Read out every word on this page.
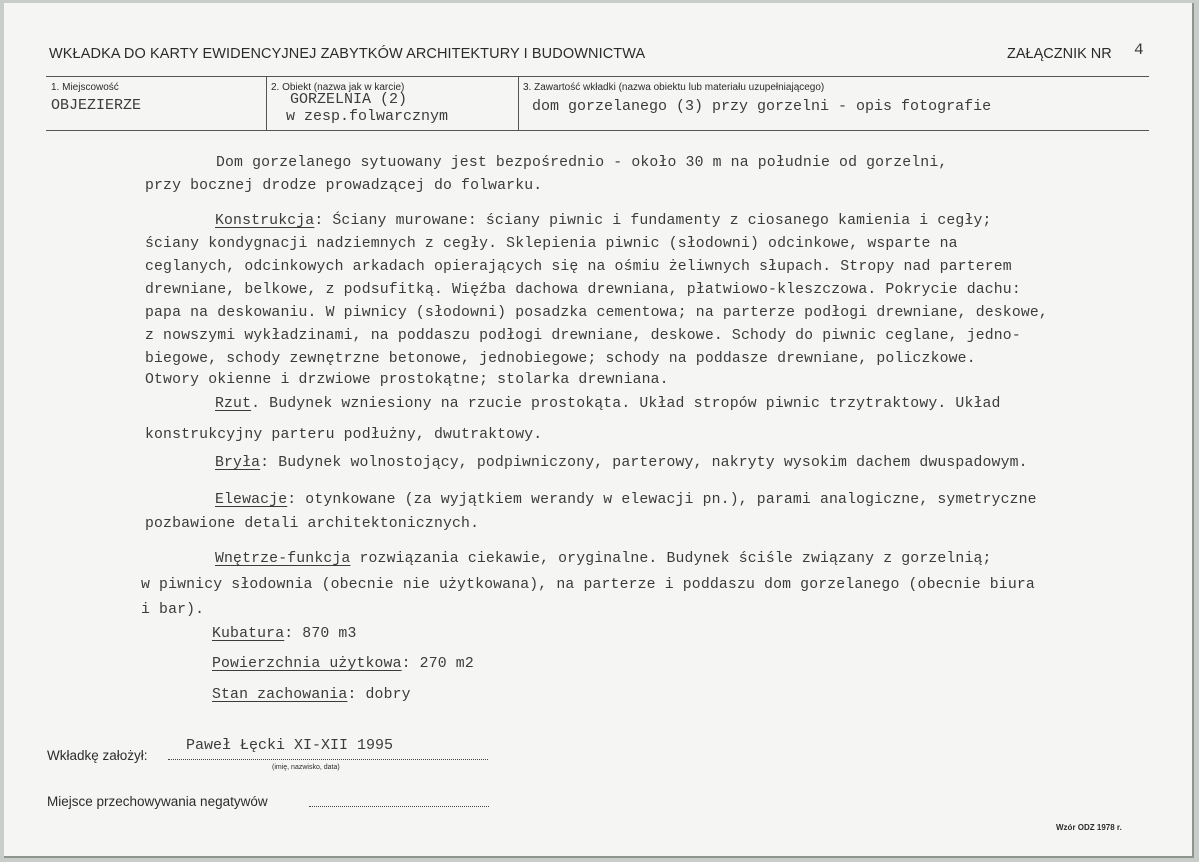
WKŁADKA DO KARTY EWIDENCYJNEJ ZABYTKÓW ARCHITEKTURY I BUDOWNICTWA	ZAŁĄCZNIK NR 4
1. Miejscowość
OBJEZIERZE
2. Obiekt (nazwa jak w karcie)
GORZELNIA (2)
w zesp.folwarcznym
3. Zawartość wkładki (nazwa obiektu lub materiału uzupełniającego)
dom gorzelanego (3) przy gorzelni - opis fotografie
Dom gorzelanego sytuowany jest bezpośrednio - około 30 m na południe od gorzelni,
przy bocznej drodze prowadzącej do folwarku.
Konstrukcja: Ściany murowane: ściany piwnic i fundamenty z ciosanego kamienia i cegły;
ściany kondygnacji nadziemnych z cegły. Sklepienia piwnic (słodowni) odcinkowe, wsparte na
ceglanych, odcinkowych arkadach opierających się na ośmiu żeliwnych słupach. Stropy nad parterem
drewniane, belkowe, z podsufitką. Więźba dachowa drewniana, płatwiowo-kleszczowa. Pokrycie dachu:
papa na deskowaniu. W piwnicy (słodowni) posadzka cementowa; na parterze podłogi drewniane, deskowe,
z nowszymi wykładzinami, na poddaszu podłogi drewniane, deskowe. Schody do piwnic ceglane, jedno-
biegowe, schody zewnętrzne betonowe, jednobiegowe; schody na poddasze drewniane, policzkowe.
Otwory okienne i drzwiowe prostokątne; stolarka drewniana.
Rzut. Budynek wzniesiony na rzucie prostokąta. Układ stropów piwnic trzytraktowy. Układ
konstrukcyjny parteru podłużny, dwutraktowy.
Bryła: Budynek wolnostojący, podpiwniczony, parterowy, nakryty wysokim dachem dwuspadowym.
Elewacje: otynkowane (za wyjątkiem werandy w elewacji pn.), parami analogiczne, symetryczne
pozbawione detali architektonicznych.
Wnętrze-funkcja rozwiązania ciekawie, oryginalne. Budynek ściśle związany z gorzelnią;
w piwnicy słodownia (obecnie nie użytkowana), na parterze i poddaszu dom gorzelanego (obecnie biura
i bar).
Kubatura: 870 m3
Powierzchnia użytkowa: 270 m2
Stan zachowania: dobry
Wkładkę założył:
Paweł Łęcki XI-XII 1995
(imię, nazwisko, data)
Miejsce przechowywania negatywów
Wzór ODZ 1978 r.
